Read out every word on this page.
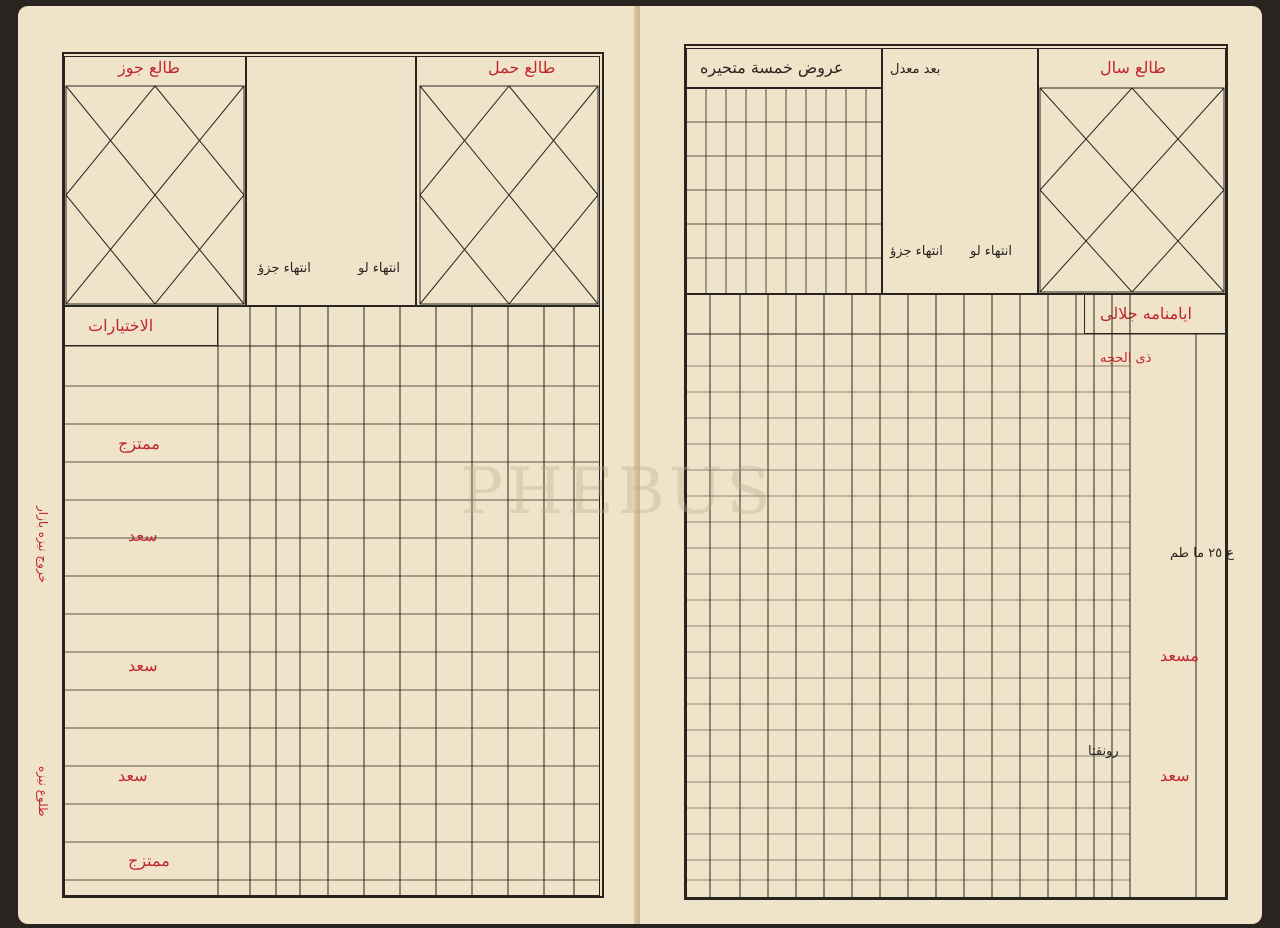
طالع جوز	طالع حمل
انتهاء جزؤ	انتهاء لو
الاختيارات
ممتزج
سعد
سعد
سعد
ممتزج
خروج نيزه بازار
طلوع نيزه
عروض خمسة متحيره	بعد معدل	طالع سال
انتهاء جزؤ انتهاء لو
ايامنامه جلالى
ذى الحجه
ع ٢٥ ما طم
مسعد
رونقتا
سعد
PHEBUS
